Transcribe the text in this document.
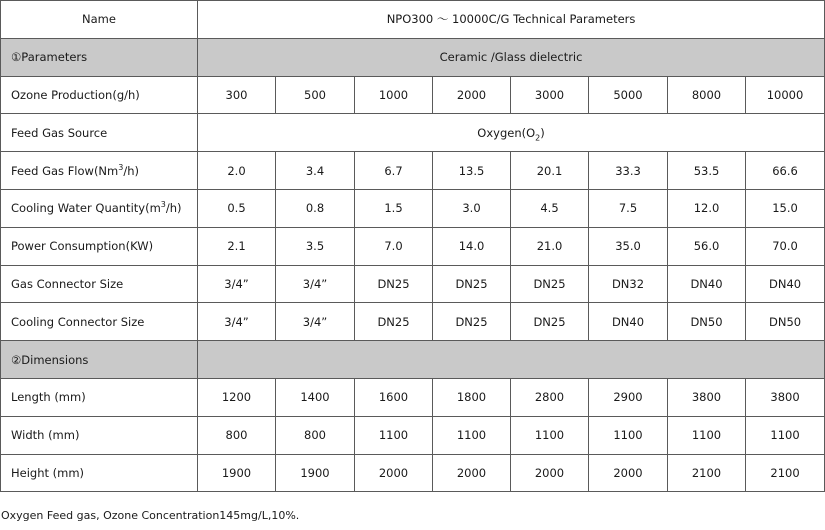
Name	NPO300 ～ 10000C/G Technical Parameters							
①Parameters	Ceramic /Glass dielectric							
Ozone Production(g/h)	300	500	1000	2000	3000	5000	8000	10000
Feed Gas Source	$Oxygen(O_2)$							
Feed Gas Flow(Nm$^3$/h)	2.0	3.4	6.7	13.5	20.1	33.3	53.5	66.6
Cooling Water $Quantity(m^3/h)$	0.5	0.8	1.5	3.0	4.5	7.5	12.0	15.0
Power Consumption(KW)	2.1	3.5	7.0	14.0	21.0	35.0	56.0	70.0
Gas Connector Size	3/4”	3/4”	DN25	DN25	DN25	DN32	DN40	DN40
Cooling Connector Size	3/4”	3/4”	DN25	DN25	DN25	DN40	DN50	DN50
②Dimensions								
Length (mm)	1200	1400	1600	1800	2800	2900	3800	3800
Width (mm)	800	800	1100	1100	1100	1100	1100	1100
Height (mm)	1900	1900	2000	2000	2000	2000	2100	2100
Oxygen Feed gas, Ozone Concentration145mg/L,10%.
